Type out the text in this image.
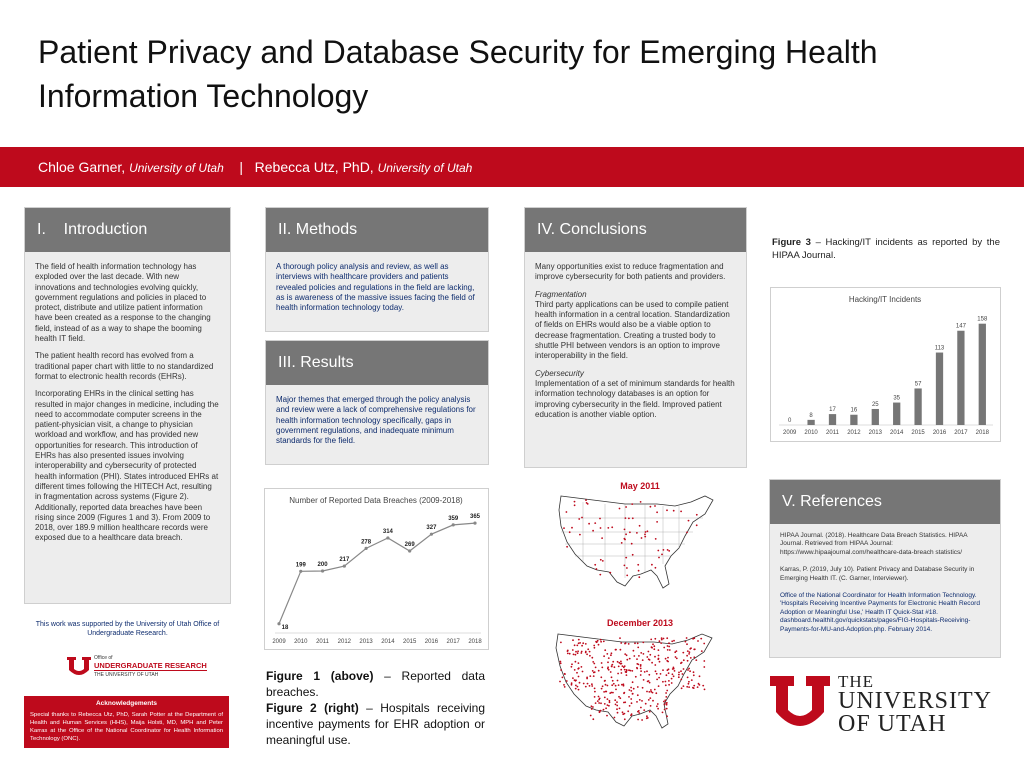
Patient Privacy and Database Security for Emerging Health Information Technology
Chloe Garner, University of Utah | Rebecca Utz, PhD, University of Utah
I.    Introduction

The field of health information technology has exploded over the last decade. With new innovations and technologies evolving quickly, government regulations and policies in placed to protect, distribute and utilize patient information have been created as a response to the changing field, instead of as a way to shape the booming health IT field.

The patient health record has evolved from a traditional paper chart with little to no standardized format to electronic health records (EHRs).

Incorporating EHRs in the clinical setting has resulted in major changes in medicine, including the need to accommodate computer screens in the patient-physician visit, a change to physician workload and workflow, and has provided new opportunities for research. This introduction of EHRs has also presented issues involving interoperability and cybersecurity of protected health information (PHI). States introduced EHRs at different times following the HITECH Act, resulting in fragmentation across systems (Figure 2). Additionally, reported data breaches have been rising since 2009 (Figures 1 and 3). From 2009 to 2018, over 189.9 million healthcare records were exposed due to a healthcare data breach.

This work was supported by the University of Utah Office of Undergraduate Research.
Office of
UNDERGRADUATE RESEARCH
THE UNIVERSITY OF UTAH
Acknowledgements
Special thanks to Rebecca Utz, PhD, Sarah Potter at the Department of Health and Human Services (HHS), Maija Holsti, MD, MPH and Peter Karras at the Office of the National Coordinator for Health Information Technology (ONC).
II. Methods
A thorough policy analysis and review, as well as interviews with healthcare providers and patients revealed policies and regulations in the field are lacking, as is awareness of the massive issues facing the field of health information technology today.
III. Results
Major themes that emerged through the policy analysis and review were a lack of comprehensive regulations for health information technology specifically, gaps in government regulations, and inadequate minimum standards for the field.
Number of Reported Data Breaches (2009-2018)
18
2009
199
2010
200
2011
217
2012
278
2013
314
2014
269
2015
327
2016
359
2017
365
2018
Figure 1 (above) – Reported data breaches.
Figure 2 (right) – Hospitals receiving incentive payments for EHR adoption or meaningful use.
IV. Conclusions

Many opportunities exist to reduce fragmentation and improve cybersecurity for both patients and providers.

Fragmentation

Third party applications can be used to compile patient health information in a central location. Standardization of fields on EHRs would also be a viable option to decrease fragmentation. Creating a trusted body to shuttle PHI between vendors is an option to improve interoperability in the field.

Cybersecurity

Implementation of a set of minimum standards for health information technology databases is an option for improving cybersecurity in the field. Improved patient education is another viable option.

May 2011
December 2013
Figure 3 – Hacking/IT incidents as reported by the HIPAA Journal.
Hacking/IT Incidents
0
2009
8
2010
17
2011
16
2012
25
2013
35
2014
57
2015
113
2016
147
2017
158
2018
V. References

HIPAA Journal. (2018). Healthcare Data Breach Statistics. HIPAA Journal. Retrieved from HIPAA Journal: https://www.hipaajournal.com/healthcare-data-breach statistics/

Karras, P. (2019, July 10). Patient Privacy and Database Security in Emerging Health IT. (C. Garner, Interviewer).

Office of the National Coordinator for Health Information Technology. 'Hospitals Receiving Incentive Payments for Electronic Health Record Adoption or Meaningful Use,' Health IT Quick-Stat #18. dashboard.healthit.gov/quickstats/pages/FIG-Hospitals-Receiving-Payments-for-MU-and-Adoption.php. February 2014.

THE
UNIVERSITY
OF UTAH
